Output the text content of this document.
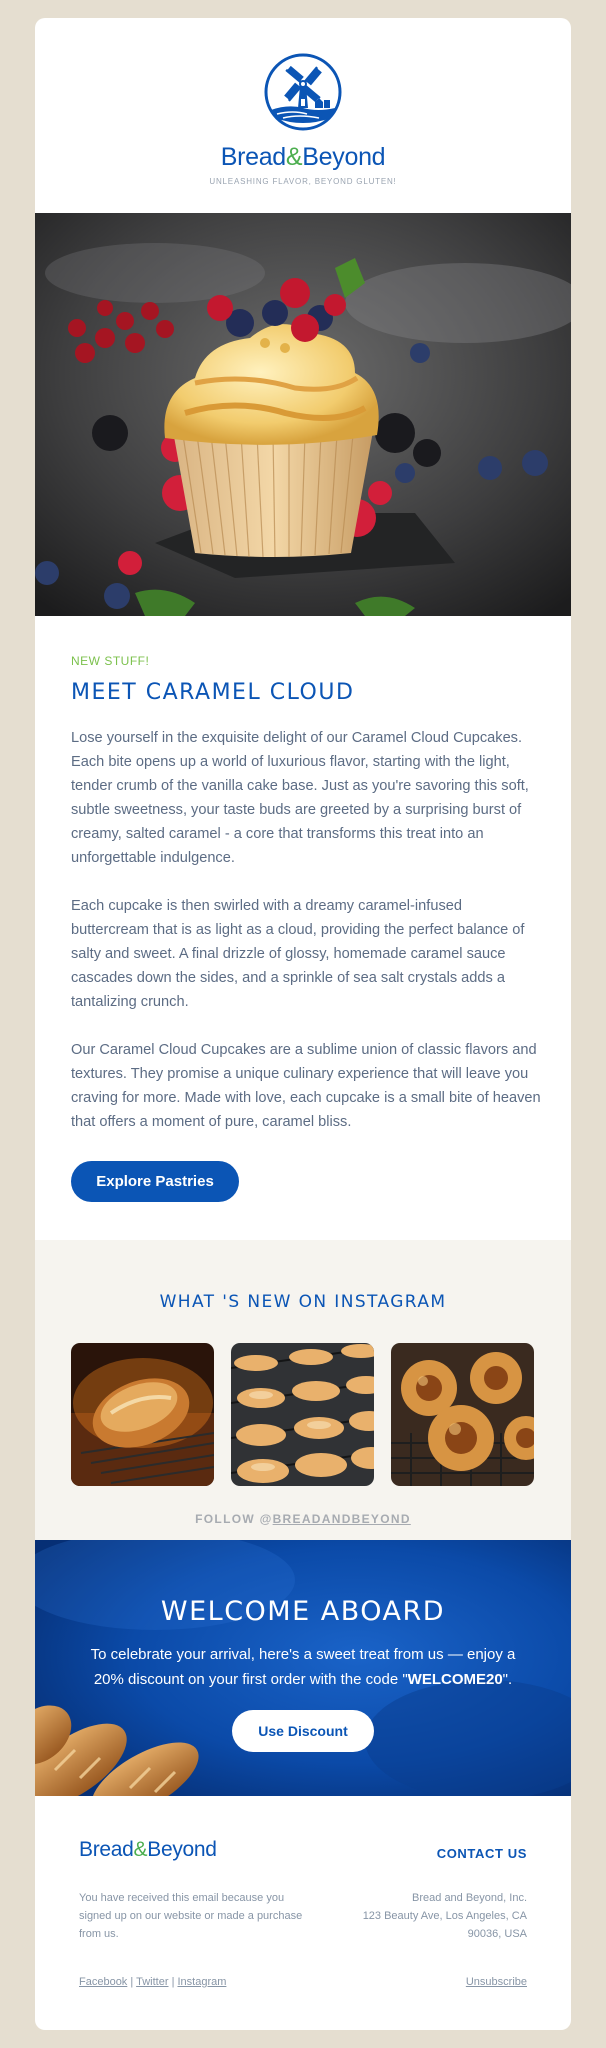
Bread&Beyond
UNLEASHING FLAVOR, BEYOND GLUTEN!
NEW STUFF!
MEET CARAMEL CLOUD

Lose yourself in the exquisite delight of our Caramel Cloud Cupcakes. Each bite opens up a world of luxurious flavor, starting with the light, tender crumb of the vanilla cake base. Just as you're savoring this soft, subtle sweetness, your taste buds are greeted by a surprising burst of creamy, salted caramel - a core that transforms this treat into an unforgettable indulgence.

Each cupcake is then swirled with a dreamy caramel-infused buttercream that is as light as a cloud, providing the perfect balance of salty and sweet. A final drizzle of glossy, homemade caramel sauce cascades down the sides, and a sprinkle of sea salt crystals adds a tantalizing crunch.

Our Caramel Cloud Cupcakes are a sublime union of classic flavors and textures. They promise a unique culinary experience that will leave you craving for more. Made with love, each cupcake is a small bite of heaven that offers a moment of pure, caramel bliss.

Explore Pastries
WHAT 'S NEW ON INSTAGRAM
FOLLOW @BREADANDBEYOND
WELCOME ABOARD
To celebrate your arrival, here's a sweet treat from us — enjoy a 20% discount on your first order with the code "WELCOME20".
Use Discount
Bread&Beyond	CONTACT US
You have received this email because you signed up on our website or made a purchase from us.
Bread and Beyond, Inc.
123 Beauty Ave, Los Angeles, CA
90036, USA
Facebook | Twitter | Instagram	Unsubscribe
